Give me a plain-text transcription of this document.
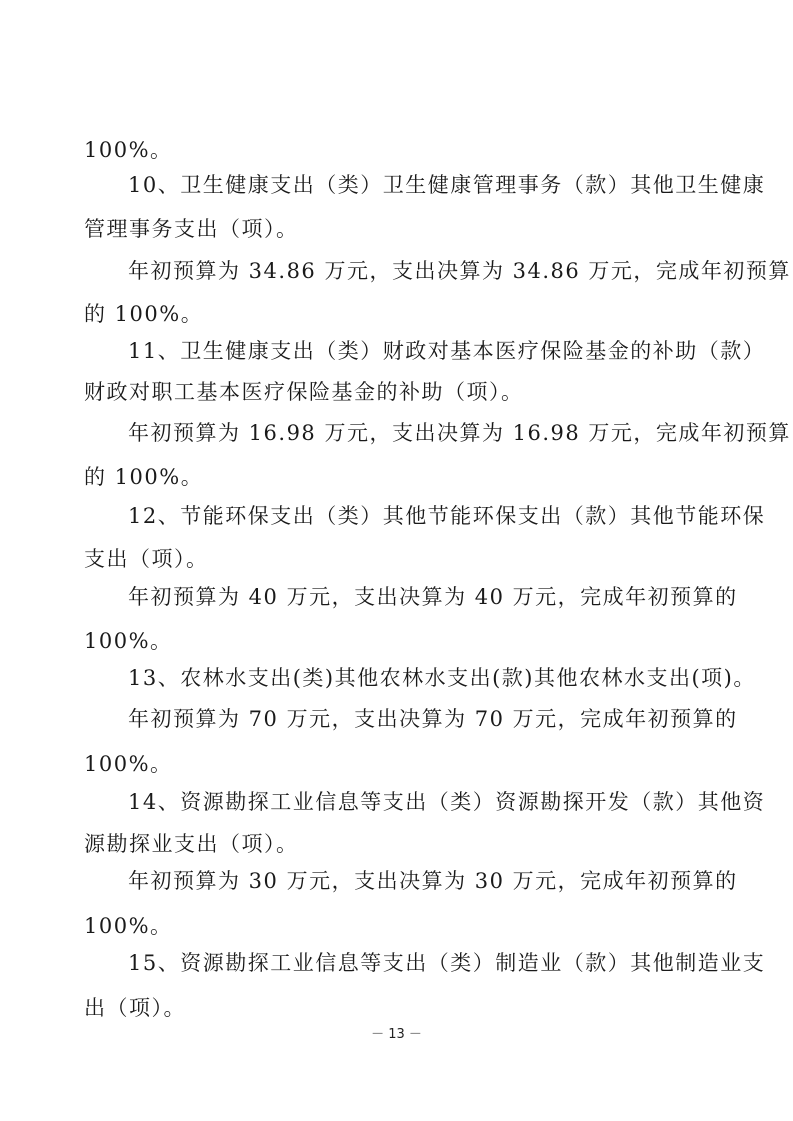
100%。
10、卫生健康支出（类）卫生健康管理事务（款）其他卫生健康
管理事务支出（项）。
年初预算为 34.86 万元，支出决算为 34.86 万元，完成年初预算
的 100%。
11、卫生健康支出（类）财政对基本医疗保险基金的补助（款）
财政对职工基本医疗保险基金的补助（项）。
年初预算为 16.98 万元，支出决算为 16.98 万元，完成年初预算
的 100%。
12、节能环保支出（类）其他节能环保支出（款）其他节能环保
支出（项）。
年初预算为 40 万元，支出决算为 40 万元，完成年初预算的
100%。
13、农林水支出(类)其他农林水支出(款)其他农林水支出(项)。
年初预算为 70 万元，支出决算为 70 万元，完成年初预算的
100%。
14、资源勘探工业信息等支出（类）资源勘探开发（款）其他资
源勘探业支出（项）。
年初预算为 30 万元，支出决算为 30 万元，完成年初预算的
100%。
15、资源勘探工业信息等支出（类）制造业（款）其他制造业支
出（项）。
－ 13 －
